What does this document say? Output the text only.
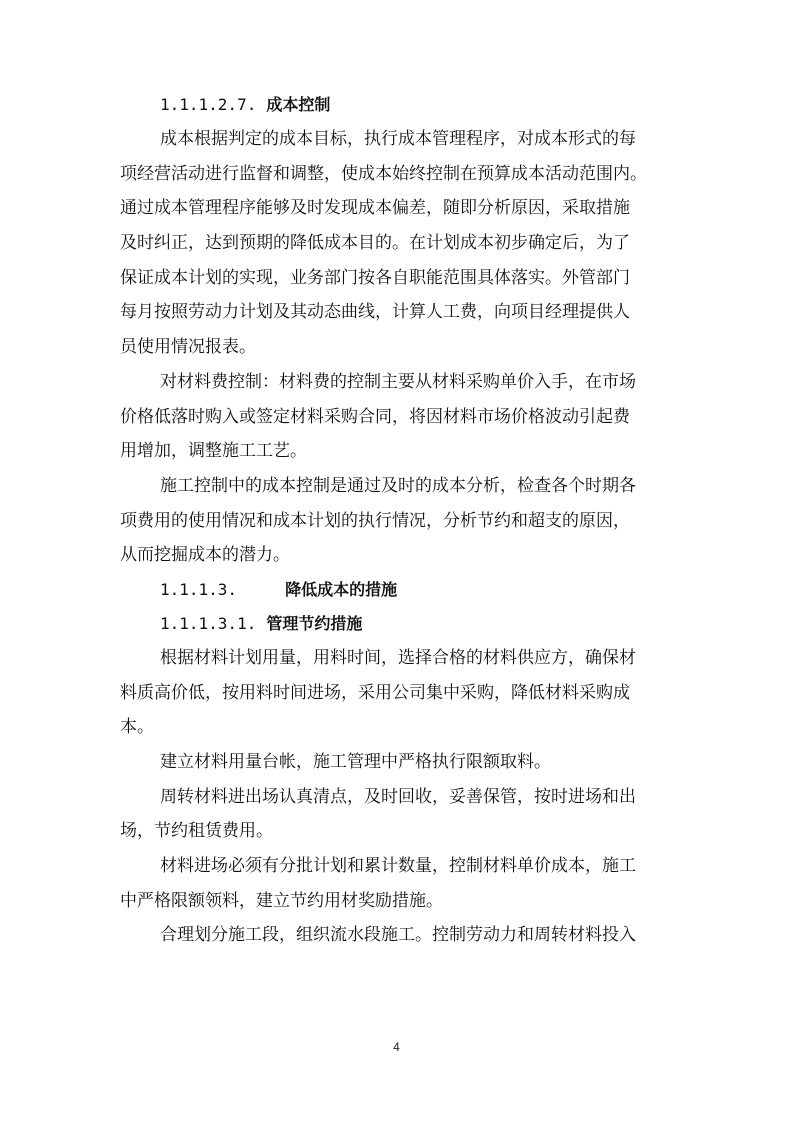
1.1.1.2.7. 成本控制
成本根据判定的成本目标，执行成本管理程序，对成本形式的每
项经营活动进行监督和调整，使成本始终控制在预算成本活动范围内。
通过成本管理程序能够及时发现成本偏差，随即分析原因，采取措施
及时纠正，达到预期的降低成本目的。在计划成本初步确定后，为了
保证成本计划的实现，业务部门按各自职能范围具体落实。外管部门
每月按照劳动力计划及其动态曲线，计算人工费，向项目经理提供人
员使用情况报表。
对材料费控制：材料费的控制主要从材料采购单价入手，在市场
价格低落时购入或签定材料采购合同，将因材料市场价格波动引起费
用增加，调整施工工艺。
施工控制中的成本控制是通过及时的成本分析，检查各个时期各
项费用的使用情况和成本计划的执行情况，分析节约和超支的原因，
从而挖掘成本的潜力。
1.1.1.3.	降低成本的措施
1.1.1.3.1. 管理节约措施
根据材料计划用量，用料时间，选择合格的材料供应方，确保材
料质高价低，按用料时间进场，采用公司集中采购，降低材料采购成
本。
建立材料用量台帐，施工管理中严格执行限额取料。
周转材料进出场认真清点，及时回收，妥善保管，按时进场和出
场，节约租赁费用。
材料进场必须有分批计划和累计数量，控制材料单价成本，施工
中严格限额领料，建立节约用材奖励措施。
合理划分施工段，组织流水段施工。控制劳动力和周转材料投入
4
